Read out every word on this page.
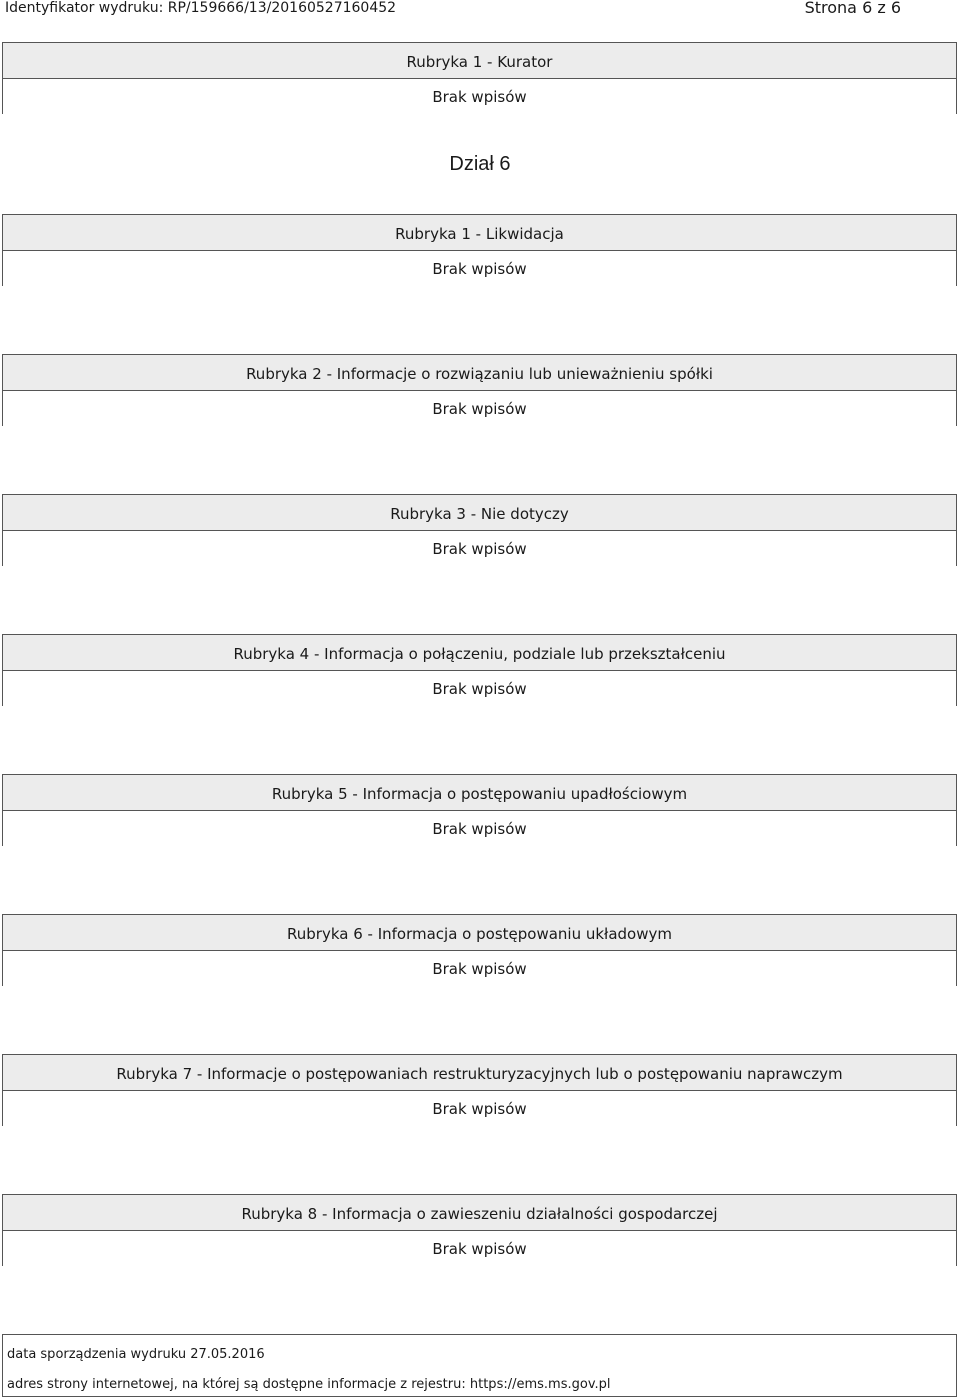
Identyfikator wydruku: RP/159666/13/20160527160452	Strona 6 z 6
Rubryka 1 - Kurator
Brak wpisów
Dział 6
Rubryka 1 - Likwidacja
Brak wpisów
Rubryka 2 - Informacje o rozwiązaniu lub unieważnieniu spółki
Brak wpisów
Rubryka 3 - Nie dotyczy
Brak wpisów
Rubryka 4 - Informacja o połączeniu, podziale lub przekształceniu
Brak wpisów
Rubryka 5 - Informacja o postępowaniu upadłościowym
Brak wpisów
Rubryka 6 - Informacja o postępowaniu układowym
Brak wpisów
Rubryka 7 - Informacje o postępowaniach restrukturyzacyjnych lub o postępowaniu naprawczym
Brak wpisów
Rubryka 8 - Informacja o zawieszeniu działalności gospodarczej
Brak wpisów
data sporządzenia wydruku 27.05.2016
adres strony internetowej, na której są dostępne informacje z rejestru: https://ems.ms.gov.pl
